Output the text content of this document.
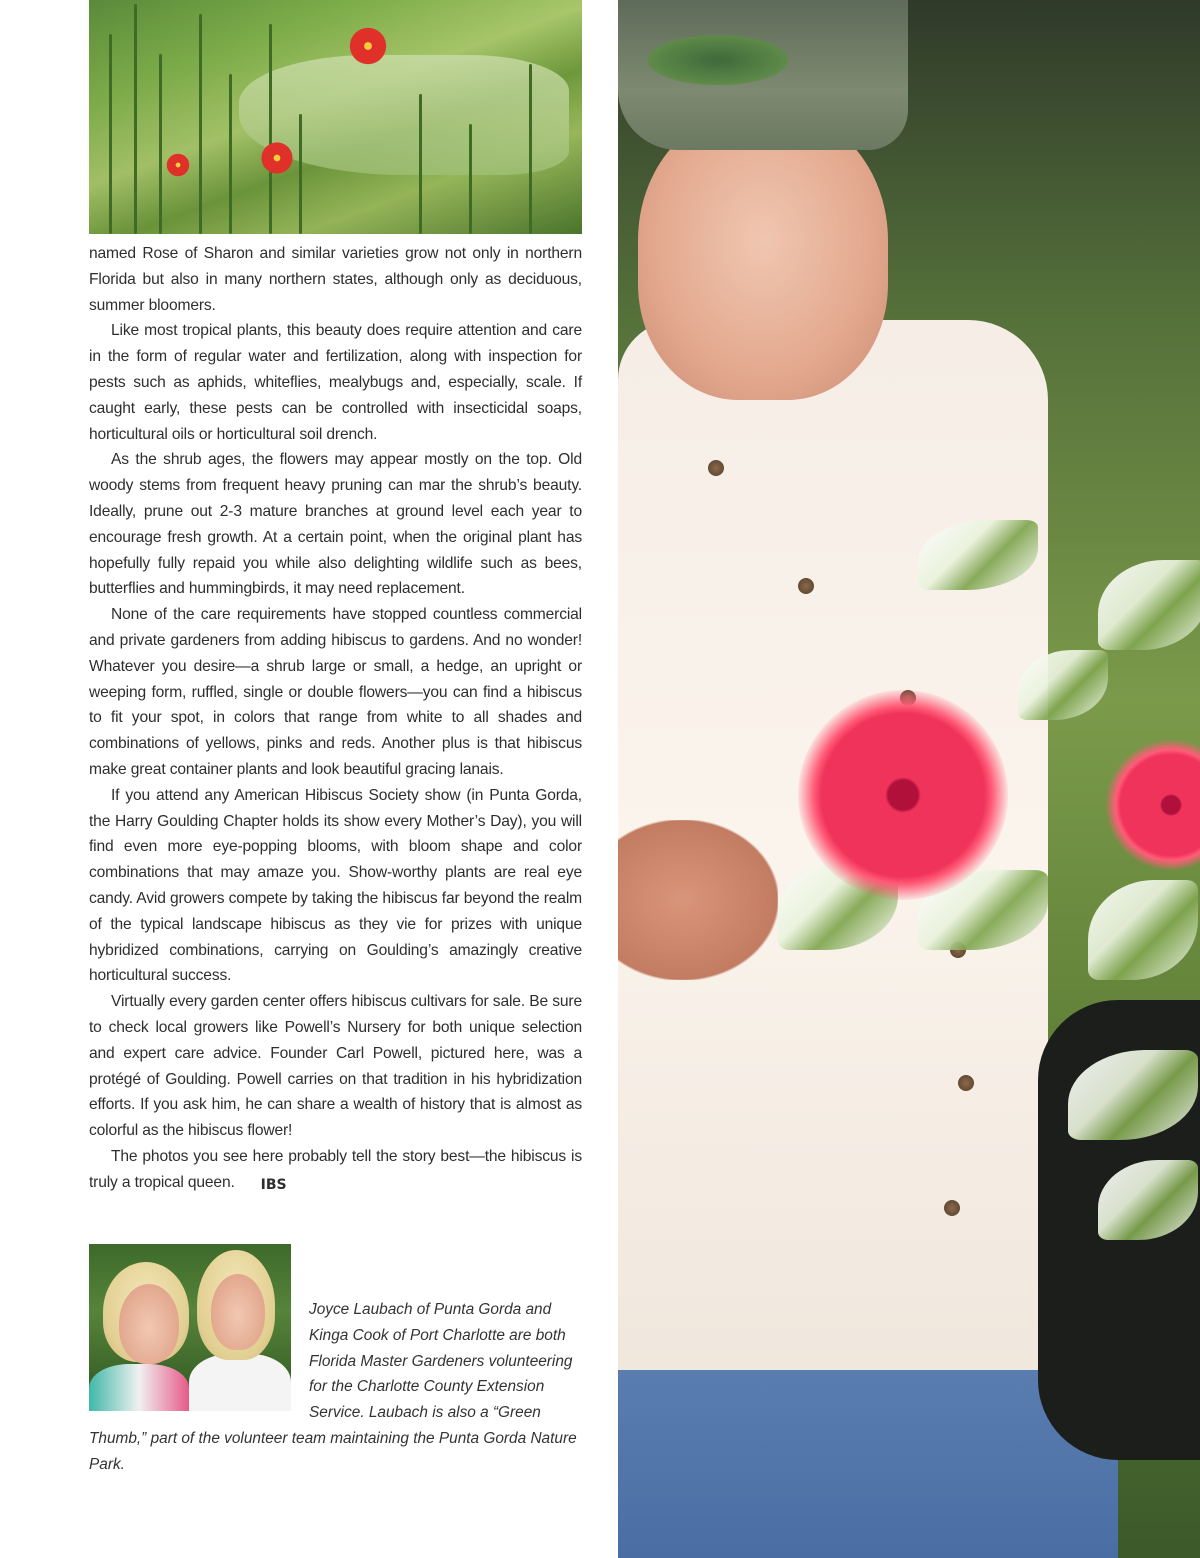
named Rose of Sharon and similar varieties grow not only in northern Florida but also in many northern states, although only as deciduous, summer bloomers.

Like most tropical plants, this beauty does require attention and care in the form of regular water and fertilization, along with inspection for pests such as aphids, whiteflies, mealybugs and, especially, scale. If caught early, these pests can be controlled with insecticidal soaps, horticultural oils or horticultural soil drench.

As the shrub ages, the flowers may appear mostly on the top. Old woody stems from frequent heavy pruning can mar the shrub’s beauty. Ideally, prune out 2-3 mature branches at ground level each year to encourage fresh growth. At a certain point, when the original plant has hopefully fully repaid you while also delighting wildlife such as bees, butterflies and hummingbirds, it may need replacement.

None of the care requirements have stopped countless commercial and private gardeners from adding hibiscus to gardens. And no wonder! Whatever you desire—a shrub large or small, a hedge, an upright or weeping form, ruffled, single or double flowers—you can find a hibiscus to fit your spot, in colors that range from white to all shades and combinations of yellows, pinks and reds. Another plus is that hibiscus make great container plants and look beautiful gracing lanais.

If you attend any American Hibiscus Society show (in Punta Gorda, the Harry Goulding Chapter holds its show every Mother’s Day), you will find even more eye-popping blooms, with bloom shape and color combinations that may amaze you. Show-worthy plants are real eye candy. Avid growers compete by taking the hibiscus far beyond the realm of the typical landscape hibiscus as they vie for prizes with unique hybridized combinations, carrying on Goulding’s amazingly creative horticultural success.

Virtually every garden center offers hibiscus cultivars for sale. Be sure to check local growers like Powell’s Nursery for both unique selection and expert care advice. Founder Carl Powell, pictured here, was a protégé of Goulding. Powell carries on that tradition in his hybridization efforts. If you ask him, he can share a wealth of history that is almost as colorful as the hibiscus flower!

The photos you see here probably tell the story best—the hibiscus is truly a tropical queen. IBS

Joyce Laubach of Punta Gorda and Kinga Cook of Port Charlotte are both Florida Master Gardeners volunteering for the Charlotte County Extension Service. Laubach is also a “Green Thumb,” part of the volunteer team maintaining the Punta Gorda Nature Park.
